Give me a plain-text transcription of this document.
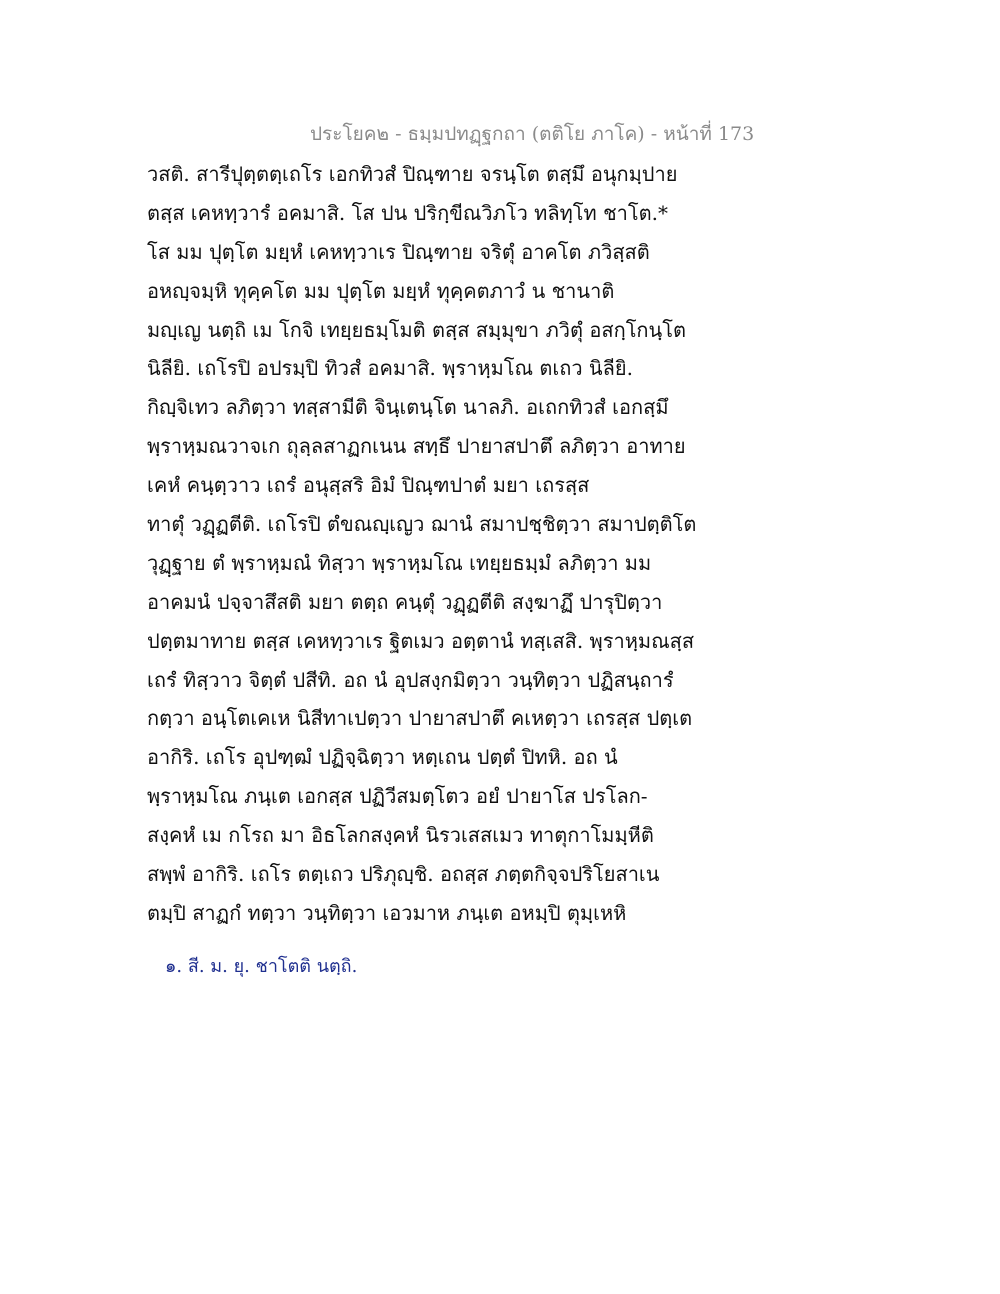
ประโยค๒ - ธมฺมปทฏฺฐกถา (ตติโย ภาโค) - หน้าที่ 173
วสติ. สารีปุตฺตตฺเถโร เอกทิวสํ ปิณฺฑาย จรนฺโต ตสฺมึ อนุกมฺปาย
ตสฺส เคหทฺวารํ อคมาสิ. โส ปน ปริกฺขีณวิภโว ทลิทฺโท ชาโต.*
โส มม ปุตฺโต มยฺหํ เคหทฺวาเร ปิณฺฑาย จริตุํ อาคโต ภวิสฺสติ
อหญฺจมฺหิ ทุคฺคโต มม ปุตฺโต มยฺหํ ทุคฺคตภาวํ น ชานาติ
มญฺเญ นตฺถิ เม โกจิ เทยฺยธมฺโมติ ตสฺส สมฺมุขา ภวิตุํ อสกฺโกนฺโต
นิลียิ. เถโรปิ อปรมฺปิ ทิวสํ อคมาสิ. พฺราหฺมโณ ตเถว นิลียิ.
กิญฺจิเทว ลภิตฺวา ทสฺสามีติ จินฺเตนฺโต นาลภิ. อเถกทิวสํ เอกสฺมึ
พฺราหฺมณวาจเก ถุลฺลสาฏกเนน สทฺธึ ปายาสปาตึ ลภิตฺวา อาทาย
เคหํ คนฺตฺวาว เถรํ อนุสฺสริ อิมํ ปิณฺฑปาตํ มยา เถรสฺส
ทาตุํ วฏฺฏตีติ. เถโรปิ ตํขณญฺเญว ฌานํ สมาปชฺชิตฺวา สมาปตฺติโต
วุฏฺฐาย ตํ พฺราหฺมณํ ทิสฺวา พฺราหฺมโณ เทยฺยธมฺมํ ลภิตฺวา มม
อาคมนํ ปจฺจาสึสติ มยา ตตฺถ คนฺตุํ วฏฺฏตีติ สงฺฆาฏึ ปารุปิตฺวา
ปตฺตมาทาย ตสฺส เคหทฺวาเร ฐิตเมว อตฺตานํ ทสฺเสสิ. พฺราหฺมณสฺส
เถรํ ทิสฺวาว จิตฺตํ ปสีทิ. อถ นํ อุปสงฺกมิตฺวา วนฺทิตฺวา ปฏิสนฺถารํ
กตฺวา อนฺโตเคเห นิสีทาเปตฺวา ปายาสปาตึ คเหตฺวา เถรสฺส ปตฺเต
อากิริ. เถโร อุปฑฺฒํ ปฏิจฺฉิตฺวา หตฺเถน ปตฺตํ ปิทหิ. อถ นํ
พฺราหฺมโณ ภนฺเต เอกสฺส ปฏิวีสมตฺโตว อยํ ปายาโส ปรโลก-
สงฺคหํ เม กโรถ มา อิธโลกสงฺคหํ นิรวเสสเมว ทาตุกาโมมฺหีติ
สพฺพํ อากิริ. เถโร ตตฺเถว ปริภุญฺชิ. อถสฺส ภตฺตกิจฺจปริโยสาเน
ตมฺปิ สาฏกํ ทตฺวา วนฺทิตฺวา เอวมาห ภนฺเต อหมฺปิ ตุมฺเหหิ
๑. สี. ม. ยุ. ชาโตติ นตฺถิ.
